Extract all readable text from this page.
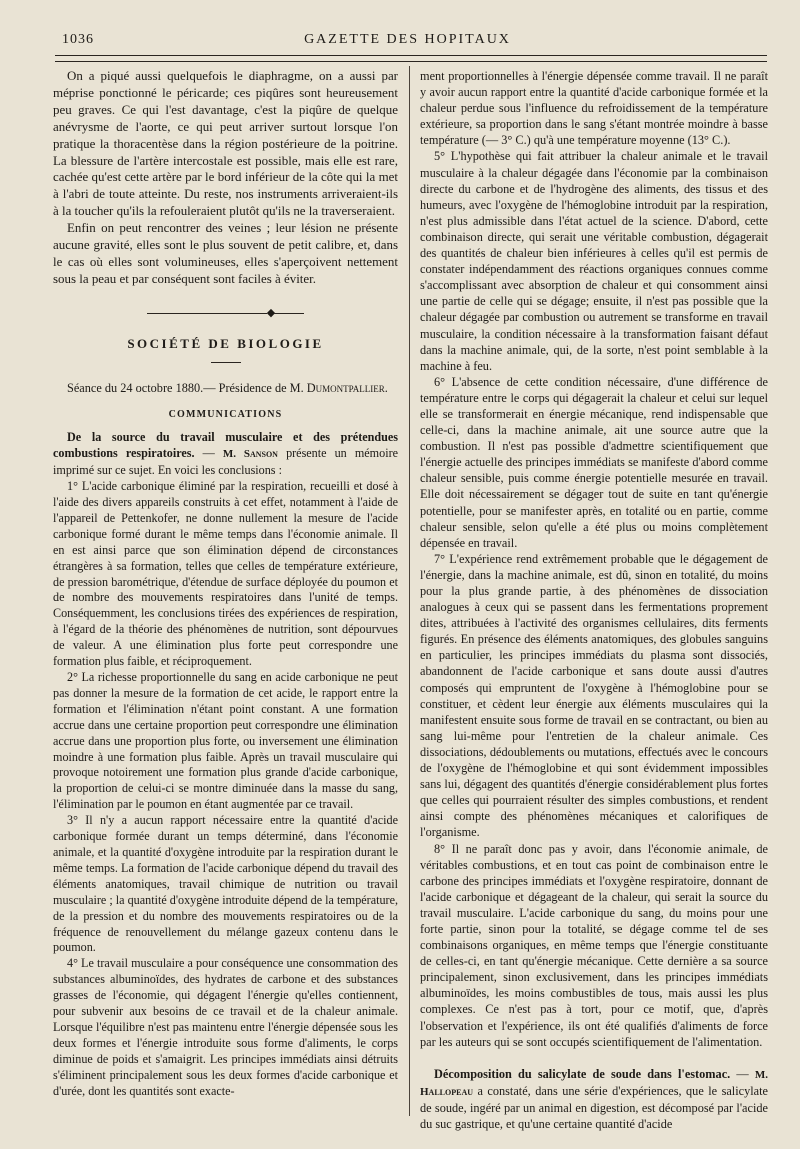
1036	GAZETTE DES HOPITAUX

On a piqué aussi quelquefois le diaphragme, on a aussi par méprise ponctionné le péricarde; ces piqûres sont heureusement peu graves. Ce qui l'est davantage, c'est la piqûre de quelque anévrysme de l'aorte, ce qui peut arriver surtout lorsque l'on pratique la thoracentèse dans la région postérieure de la poitrine. La blessure de l'artère intercostale est possible, mais elle est rare, cachée qu'est cette artère par le bord inférieur de la côte qui la met à l'abri de toute atteinte. Du reste, nos instruments arriveraient-ils à la toucher qu'ils la refouleraient plutôt qu'ils ne la traverseraient.

Enfin on peut rencontrer des veines ; leur lésion ne présente aucune gravité, elles sont le plus souvent de petit calibre, et, dans le cas où elles sont volumineuses, elles s'aperçoivent nettement sous la peau et par conséquent sont faciles à éviter.

◆
SOCIÉTÉ DE BIOLOGIE

Séance du 24 octobre 1880.— Présidence de M. Dumontpallier.

COMMUNICATIONS

De la source du travail musculaire et des prétendues combustions respiratoires. — M. Sanson présente un mémoire imprimé sur ce sujet. En voici les conclusions :

1° L'acide carbonique éliminé par la respiration, recueilli et dosé à l'aide des divers appareils construits à cet effet, notamment à l'aide de l'appareil de Pettenkofer, ne donne nullement la mesure de l'acide carbonique formé durant le même temps dans l'économie animale. Il en est ainsi parce que son élimination dépend de circonstances étrangères à sa formation, telles que celles de température extérieure, de pression barométrique, d'étendue de surface déployée du poumon et de nombre des mouvements respiratoires dans l'unité de temps. Conséquemment, les conclusions tirées des expériences de respiration, à l'égard de la théorie des phénomènes de nutrition, sont dépourvues de valeur. A une élimination plus forte peut correspondre une formation plus faible, et réciproquement.

2° La richesse proportionnelle du sang en acide carbonique ne peut pas donner la mesure de la formation de cet acide, le rapport entre la formation et l'élimination n'étant point constant. A une formation accrue dans une certaine proportion peut correspondre une élimination accrue dans une proportion plus forte, ou inversement une élimination moindre à une formation plus faible. Après un travail musculaire qui provoque notoirement une formation plus grande d'acide carbonique, la proportion de celui-ci se montre diminuée dans la masse du sang, l'élimination par le poumon en étant augmentée par ce travail.

3° Il n'y a aucun rapport nécessaire entre la quantité d'acide carbonique formée durant un temps déterminé, dans l'économie animale, et la quantité d'oxygène introduite par la respiration durant le même temps. La formation de l'acide carbonique dépend du travail des éléments anatomiques, travail chimique de nutrition ou travail musculaire ; la quantité d'oxygène introduite dépend de la température, de la pression et du nombre des mouvements respiratoires ou de la fréquence de renouvellement du mélange gazeux contenu dans le poumon.

4° Le travail musculaire a pour conséquence une consommation des substances albuminoïdes, des hydrates de carbone et des substances grasses de l'économie, qui dégagent l'énergie qu'elles contiennent, pour subvenir aux besoins de ce travail et de la chaleur animale. Lorsque l'équilibre n'est pas maintenu entre l'énergie dépensée sous les deux formes et l'énergie introduite sous forme d'aliments, le corps diminue de poids et s'amaigrit. Les principes immédiats ainsi détruits s'éliminent principalement sous les deux formes d'acide carbonique et d'urée, dont les quantités sont exacte-

ment proportionnelles à l'énergie dépensée comme travail. Il ne paraît y avoir aucun rapport entre la quantité d'acide carbonique formée et la chaleur perdue sous l'influence du refroidissement de la température extérieure, sa proportion dans le sang s'étant montrée moindre à basse température (— 3° C.) qu'à une température moyenne (13° C.).

5° L'hypothèse qui fait attribuer la chaleur animale et le travail musculaire à la chaleur dégagée dans l'économie par la combinaison directe du carbone et de l'hydrogène des aliments, des tissus et des humeurs, avec l'oxygène de l'hémoglobine introduit par la respiration, n'est plus admissible dans l'état actuel de la science. D'abord, cette combinaison directe, qui serait une véritable combustion, dégagerait des quantités de chaleur bien inférieures à celles qu'il est permis de constater indépendamment des réactions organiques connues comme s'accomplissant avec absorption de chaleur et qui consomment ainsi une partie de celle qui se dégage; ensuite, il n'est pas possible que la chaleur dégagée par combustion ou autrement se transforme en travail musculaire, la condition nécessaire à la transformation faisant défaut dans la machine animale, qui, de la sorte, n'est point semblable à la machine à feu.

6° L'absence de cette condition nécessaire, d'une différence de température entre le corps qui dégagerait la chaleur et celui sur lequel elle se transformerait en énergie mécanique, rend indispensable que celle-ci, dans la machine animale, ait une source autre que la combustion. Il n'est pas possible d'admettre scientifiquement que l'énergie actuelle des principes immédiats se manifeste d'abord comme chaleur sensible, puis comme énergie potentielle mesurée en travail. Elle doit nécessairement se dégager tout de suite en tant qu'énergie potentielle, pour se manifester après, en totalité ou en partie, comme chaleur sensible, selon qu'elle a été plus ou moins complètement dépensée en travail.

7° L'expérience rend extrêmement probable que le dégagement de l'énergie, dans la machine animale, est dû, sinon en totalité, du moins pour la plus grande partie, à des phénomènes de dissociation analogues à ceux qui se passent dans les fermentations proprement dites, attribuées à l'activité des organismes cellulaires, dits ferments figurés. En présence des éléments anatomiques, des globules sanguins en particulier, les principes immédiats du plasma sont dissociés, abandonnent de l'acide carbonique et sans doute aussi d'autres composés qui empruntent de l'oxygène à l'hémoglobine pour se constituer, et cèdent leur énergie aux éléments musculaires qui la manifestent ensuite sous forme de travail en se contractant, ou bien au sang lui-même pour l'entretien de la chaleur animale. Ces dissociations, dédoublements ou mutations, effectués avec le concours de l'oxygène de l'hémoglobine et qui sont évidemment impossibles sans lui, dégagent des quantités d'énergie considérablement plus fortes que celles qui pourraient résulter des simples combustions, et rendent ainsi compte des phénomènes mécaniques et calorifiques de l'organisme.

8° Il ne paraît donc pas y avoir, dans l'économie animale, de véritables combustions, et en tout cas point de combinaison entre le carbone des principes immédiats et l'oxygène respiratoire, donnant de l'acide carbonique et dégageant de la chaleur, qui serait la source du travail musculaire. L'acide carbonique du sang, du moins pour une forte partie, sinon pour la totalité, se dégage comme tel de ses combinaisons organiques, en même temps que l'énergie constituante de celles-ci, en tant qu'énergie mécanique. Cette dernière a sa source principalement, sinon exclusivement, dans les principes immédiats albuminoïdes, les moins combustibles de tous, mais aussi les plus complexes. Ce n'est pas à tort, pour ce motif, que, d'après l'observation et l'expérience, ils ont été qualifiés d'aliments de force par les auteurs qui se sont occupés scientifiquement de l'alimentation.

Décomposition du salicylate de soude dans l'estomac. — M. Hallopeau a constaté, dans une série d'expériences, que le salicylate de soude, ingéré par un animal en digestion, est décomposé par l'acide du suc gastrique, et qu'une certaine quantité d'acide
